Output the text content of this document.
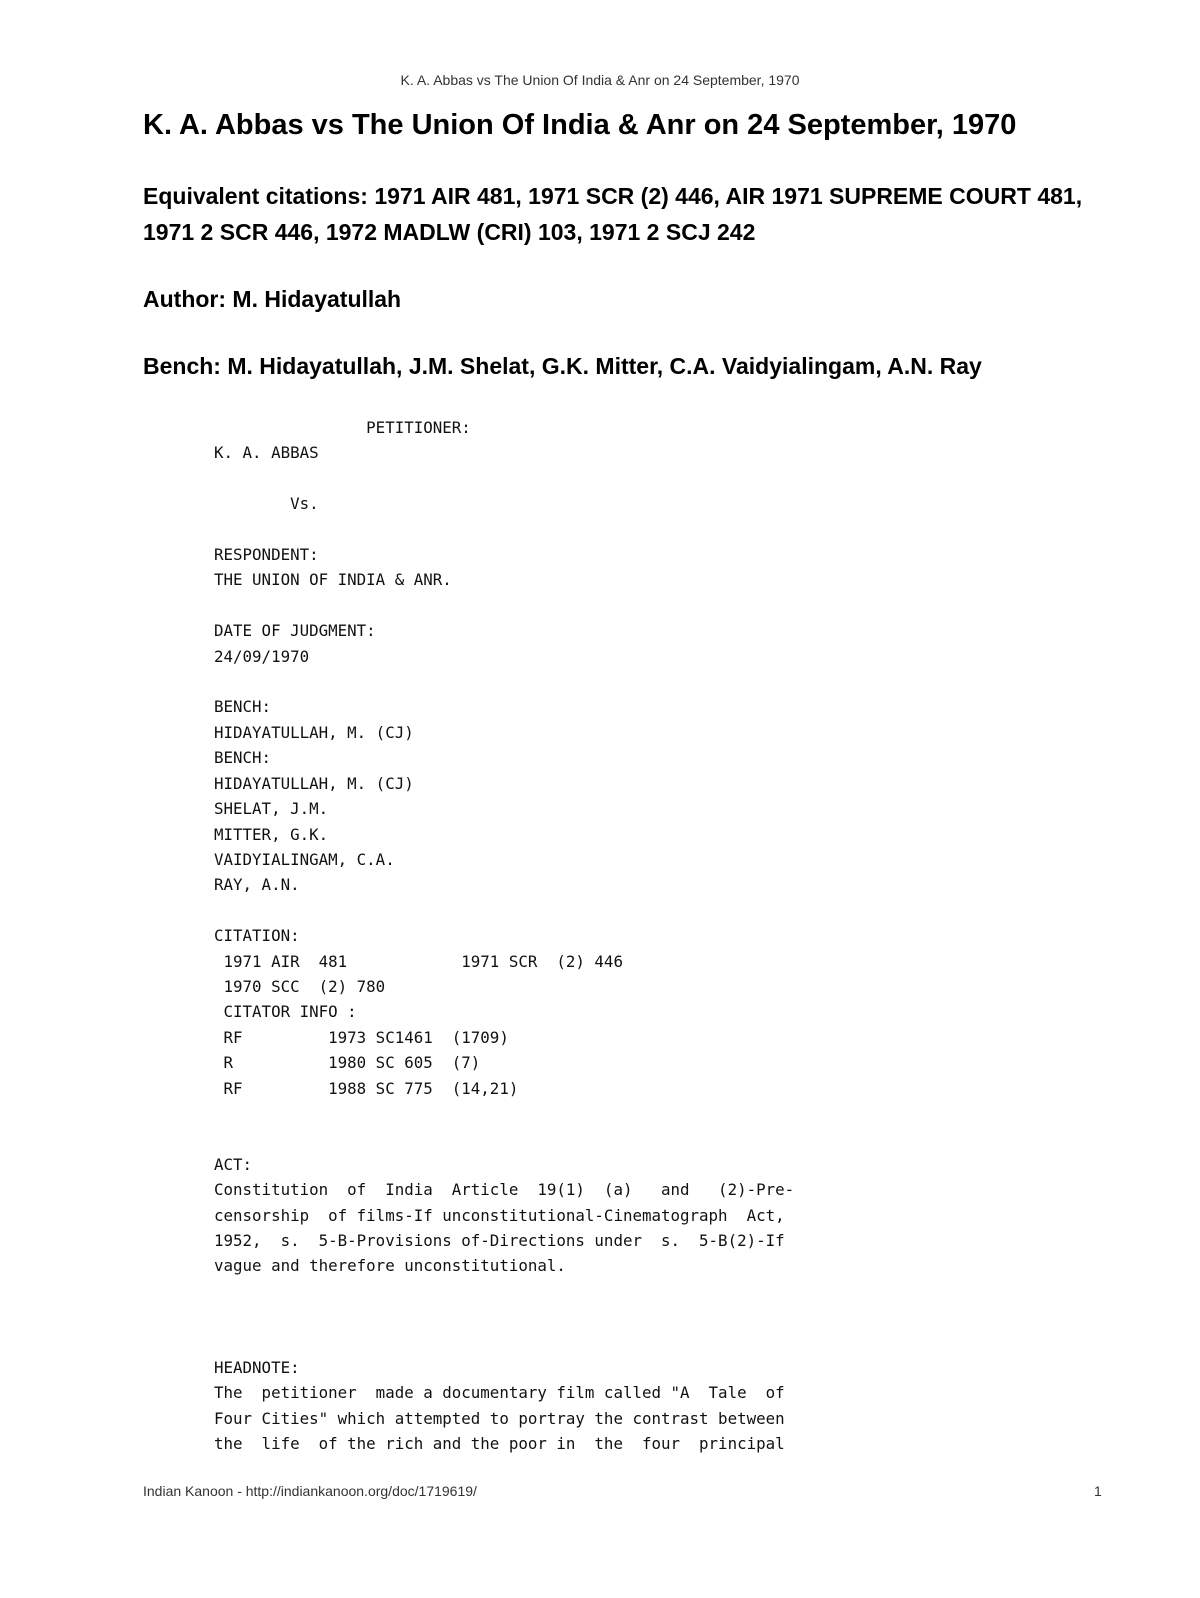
K. A. Abbas vs The Union Of India & Anr on 24 September, 1970
K. A. Abbas vs The Union Of India & Anr on 24 September, 1970
Equivalent citations: 1971 AIR 481, 1971 SCR (2) 446, AIR 1971 SUPREME COURT 481, 1971 2 SCR 446, 1972 MADLW (CRI) 103, 1971 2 SCJ 242
Author: M. Hidayatullah
Bench: M. Hidayatullah, J.M. Shelat, G.K. Mitter, C.A. Vaidyialingam, A.N. Ray
PETITIONER:
K. A. ABBAS

Vs.

RESPONDENT:
THE UNION OF INDIA & ANR.

DATE OF JUDGMENT:
24/09/1970

BENCH:
HIDAYATULLAH, M. (CJ)
BENCH:
HIDAYATULLAH, M. (CJ)
SHELAT, J.M.
MITTER, G.K.
VAIDYIALINGAM, C.A.
RAY, A.N.

CITATION:
1971 AIR  481            1971 SCR  (2) 446
1970 SCC  (2) 780
CITATOR INFO :
RF         1973 SC1461  (1709)
R          1980 SC 605  (7)
RF         1988 SC 775  (14,21)

ACT:
Constitution  of  India  Article  19(1)  (a)   and   (2)-Pre-
censorship  of films-If unconstitutional-Cinematograph  Act,
1952,  s.  5-B-Provisions of-Directions under  s.  5-B(2)-If
vague and therefore unconstitutional.

HEADNOTE:
The  petitioner  made a documentary film called "A  Tale  of
Four Cities" which attempted to portray the contrast between
the  life  of the rich and the poor in  the  four  principal
Indian Kanoon - http://indiankanoon.org/doc/1719619/	1
